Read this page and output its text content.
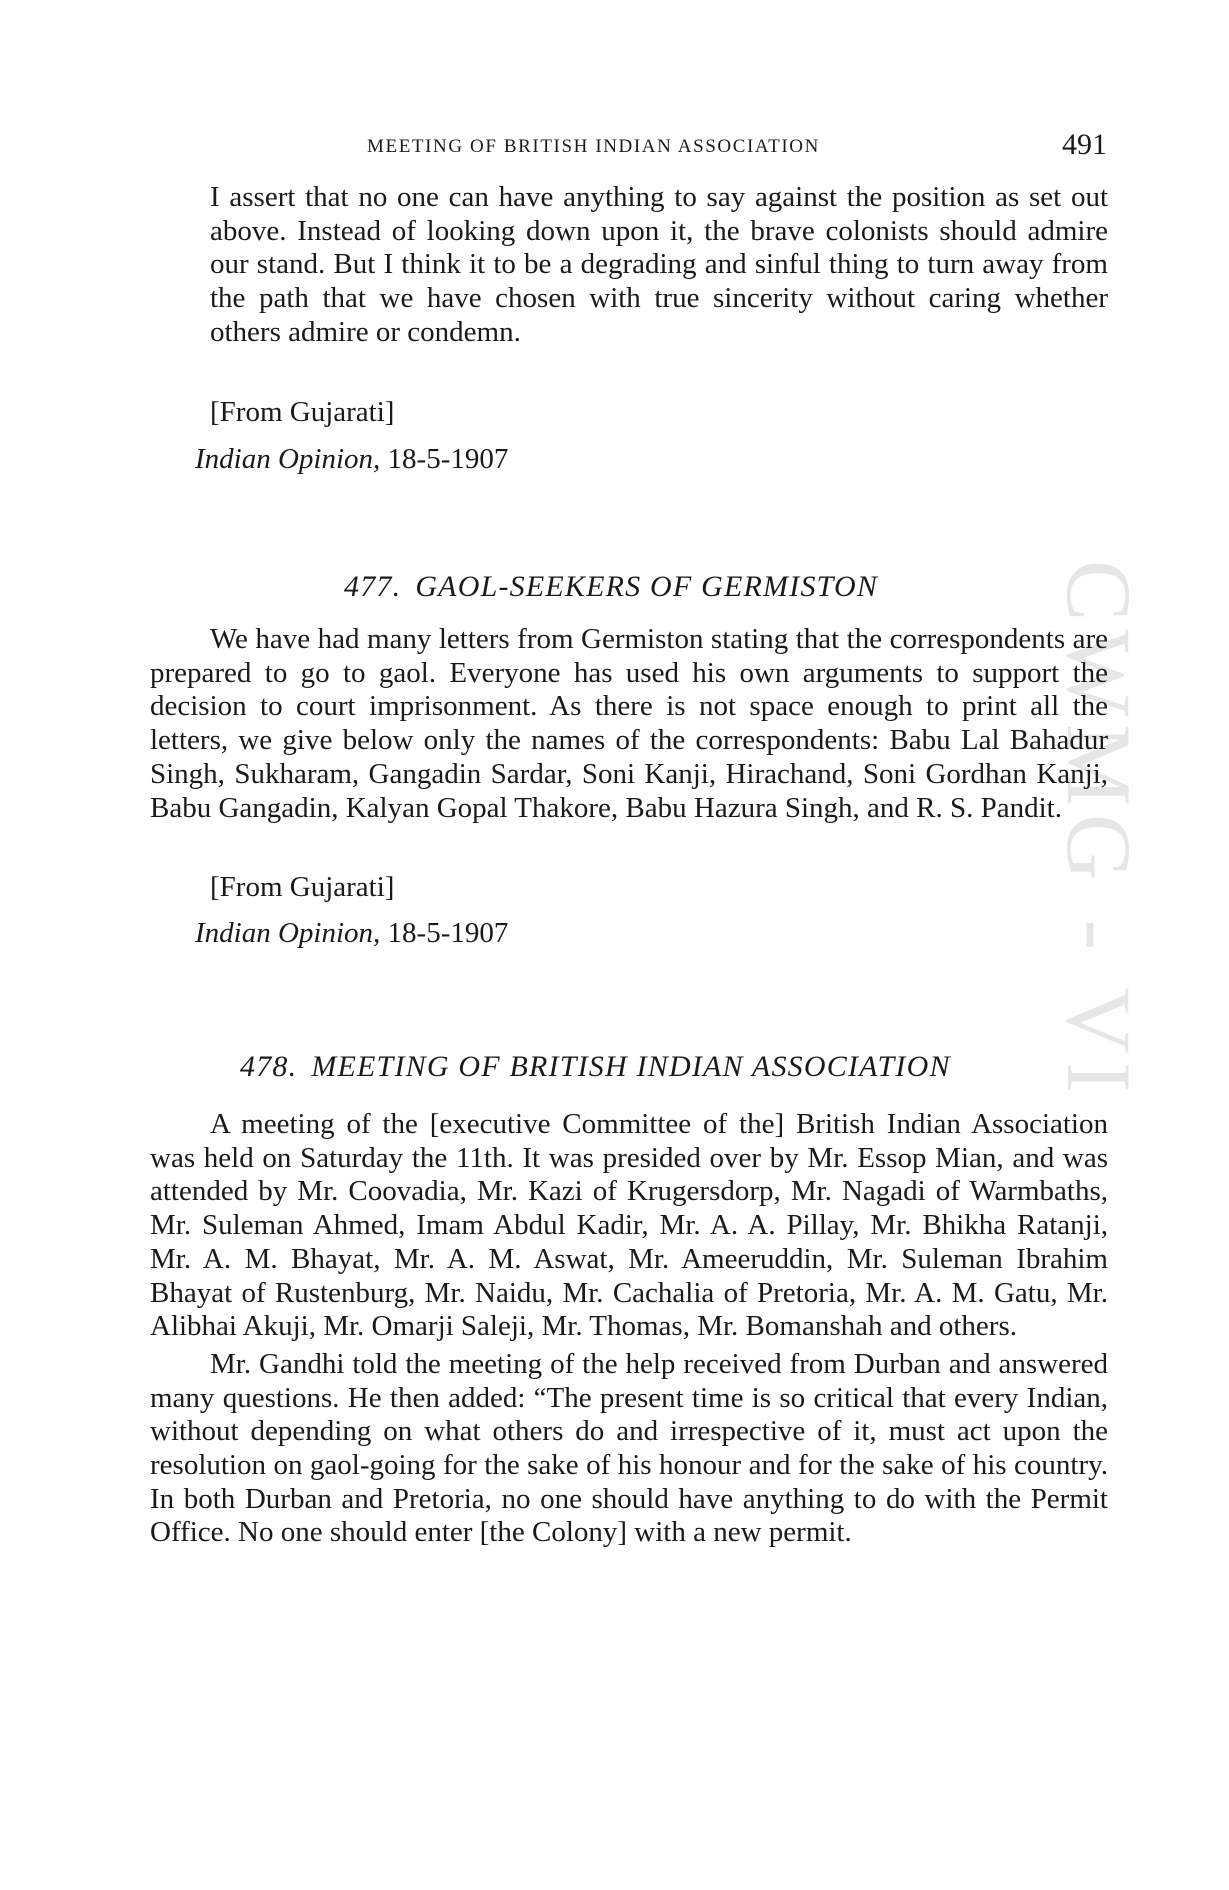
CWMG - VI
MEETING OF BRITISH INDIAN ASSOCIATION	491

I assert that no one can have anything to say against the position as set out above. Instead of looking down upon it, the brave colonists should admire our stand. But I think it to be a degrading and sinful thing to turn away from the path that we have chosen with true sincerity without caring whether others admire or condemn.

[From Gujarati]
Indian Opinion, 18-5-1907
477. GAOL-SEEKERS OF GERMISTON

We have had many letters from Germiston stating that the correspondents are prepared to go to gaol. Everyone has used his own arguments to support the decision to court imprisonment. As there is not space enough to print all the letters, we give below only the names of the correspondents: Babu Lal Bahadur Singh, Sukharam, Gangadin Sardar, Soni Kanji, Hirachand, Soni Gordhan Kanji, Babu Gangadin, Kalyan Gopal Thakore, Babu Hazura Singh, and R. S. Pandit.

[From Gujarati]
Indian Opinion, 18-5-1907
478. MEETING OF BRITISH INDIAN ASSOCIATION

A meeting of the [executive Committee of the] British Indian Association was held on Saturday the 11th. It was presided over by Mr. Essop Mian, and was attended by Mr. Coovadia, Mr. Kazi of Krugersdorp, Mr. Nagadi of Warmbaths, Mr. Suleman Ahmed, Imam Abdul Kadir, Mr. A. A. Pillay, Mr. Bhikha Ratanji, Mr. A. M. Bhayat, Mr. A. M. Aswat, Mr. Ameeruddin, Mr. Suleman Ibrahim Bhayat of Rustenburg, Mr. Naidu, Mr. Cachalia of Pretoria, Mr. A. M. Gatu, Mr. Alibhai Akuji, Mr. Omarji Saleji, Mr. Thomas, Mr. Bomanshah and others.

Mr. Gandhi told the meeting of the help received from Durban and answered many questions. He then added: “The present time is so critical that every Indian, without depending on what others do and irrespective of it, must act upon the resolution on gaol-going for the sake of his honour and for the sake of his country. In both Durban and Pretoria, no one should have anything to do with the Permit Office. No one should enter [the Colony] with a new permit.
